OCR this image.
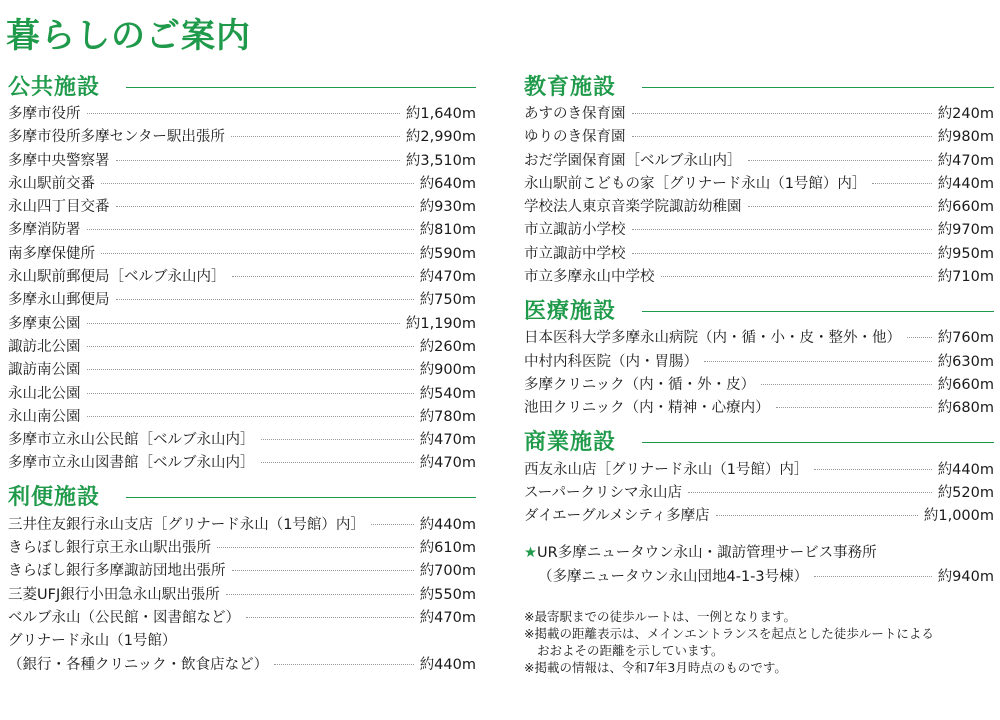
暮らしのご案内
公共施設
多摩市役所	約1,640m
多摩市役所多摩センター駅出張所	約2,990m
多摩中央警察署	約3,510m
永山駅前交番	約640m
永山四丁目交番	約930m
多摩消防署	約810m
南多摩保健所	約590m
永山駅前郵便局［ベルブ永山内］	約470m
多摩永山郵便局	約750m
多摩東公園	約1,190m
諏訪北公園	約260m
諏訪南公園	約900m
永山北公園	約540m
永山南公園	約780m
多摩市立永山公民館［ベルブ永山内］	約470m
多摩市立永山図書館［ベルブ永山内］	約470m
利便施設
三井住友銀行永山支店［グリナード永山（1号館）内］	約440m
きらぼし銀行京王永山駅出張所	約610m
きらぼし銀行多摩諏訪団地出張所	約700m
三菱UFJ銀行小田急永山駅出張所	約550m
ベルブ永山（公民館・図書館など）	約470m
グリナード永山（1号館）
（銀行・各種クリニック・飲食店など）	約440m
教育施設
あすのき保育園	約240m
ゆりのき保育園	約980m
おだ学園保育園［ベルブ永山内］	約470m
永山駅前こどもの家［グリナード永山（1号館）内］	約440m
学校法人東京音楽学院諏訪幼稚園	約660m
市立諏訪小学校	約970m
市立諏訪中学校	約950m
市立多摩永山中学校	約710m
医療施設
日本医科大学多摩永山病院（内・循・小・皮・整外・他）	約760m
中村内科医院（内・胃腸）	約630m
多摩クリニック（内・循・外・皮）	約660m
池田クリニック（内・精神・心療内）	約680m
商業施設
西友永山店［グリナード永山（1号館）内］	約440m
スーパークリシマ永山店	約520m
ダイエーグルメシティ多摩店	約1,000m
★UR多摩ニュータウン永山・諏訪管理サービス事務所
（多摩ニュータウン永山団地4-1-3号棟）	約940m
※最寄駅までの徒歩ルートは、一例となります。
※掲載の距離表示は、メインエントランスを起点とした徒歩ルートによる
おおよその距離を示しています。
※掲載の情報は、令和7年3月時点のものです。
